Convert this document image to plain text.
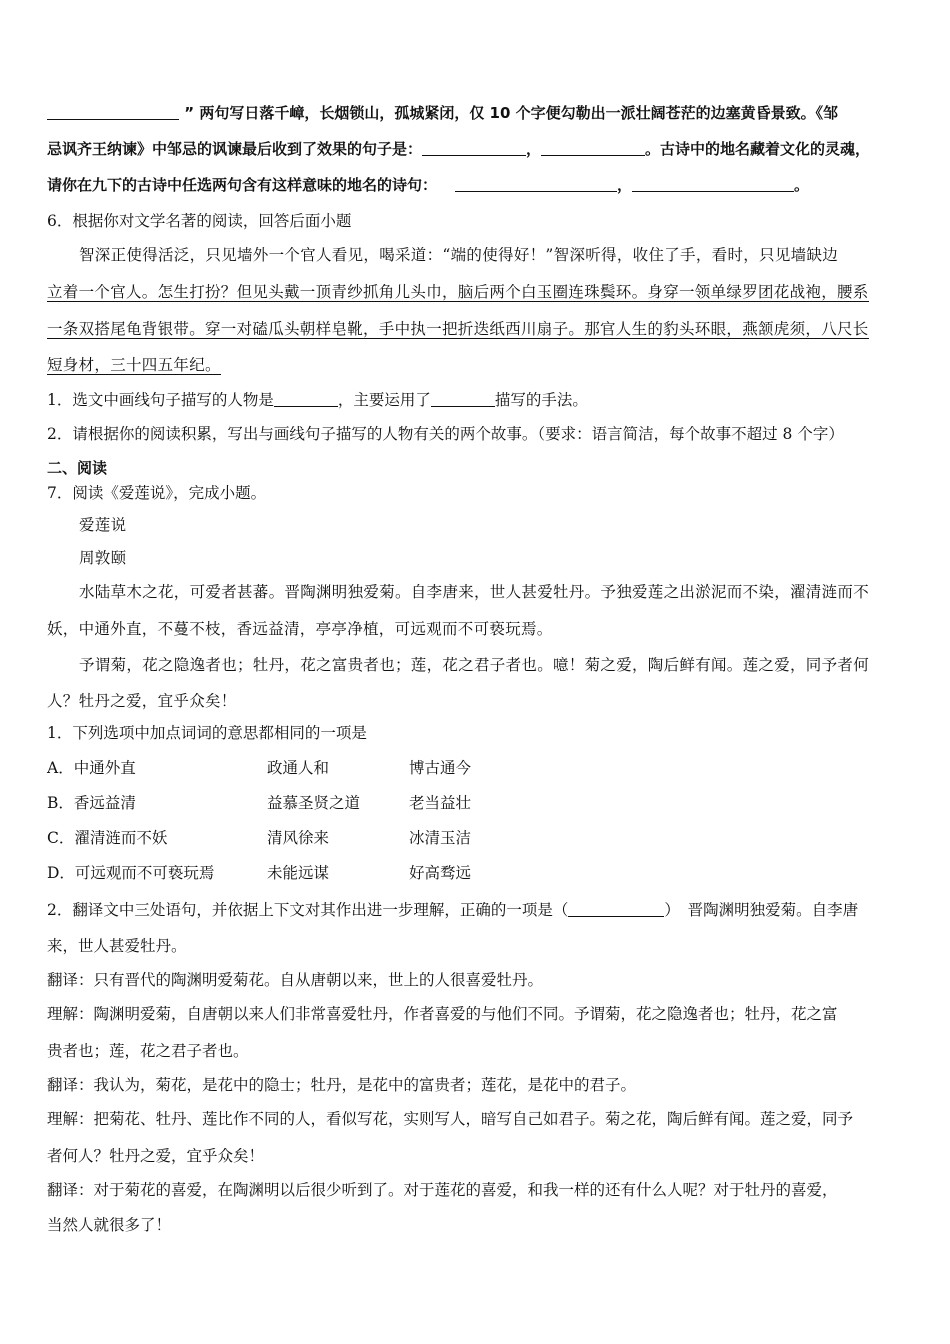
” 两句写日落千嶂，长烟锁山，孤城紧闭，仅 10 个字便勾勒出一派壮阔苍茫的边塞黄昏景致。《邹
忌讽齐王纳谏》中邹忌的讽谏最后收到了效果的句子是：	，	。古诗中的地名藏着文化的灵魂，
请你在九下的古诗中任选两句含有这样意味的地名的诗句：	，	。
6．根据你对文学名著的阅读，回答后面小题
智深正使得活泛，只见墙外一个官人看见，喝采道：“端的使得好！”智深听得，收住了手，看时，只见墙缺边
立着一个官人。怎生打扮？但见头戴一顶青纱抓角儿头巾，脑后两个白玉圈连珠鬓环。身穿一领单绿罗团花战袍，腰系
一条双搭尾龟背银带。穿一对磕瓜头朝样皂靴，手中执一把折迭纸西川扇子。那官人生的豹头环眼，燕颔虎须，八尺长
短身材，三十四五年纪。
1．选文中画线句子描写的人物是	，主要运用了	描写的手法。
2．请根据你的阅读积累，写出与画线句子描写的人物有关的两个故事。（要求：语言简洁，每个故事不超过 8 个字）
二、阅读
7．阅读《爱莲说》，完成小题。
爱莲说
周敦颐
水陆草木之花，可爱者甚蕃。晋陶渊明独爱菊。自李唐来，世人甚爱牡丹。予独爱莲之出淤泥而不染，濯清涟而不
妖，中通外直，不蔓不枝，香远益清，亭亭净植，可远观而不可亵玩焉。
予谓菊，花之隐逸者也；牡丹，花之富贵者也；莲，花之君子者也。噫！菊之爱，陶后鲜有闻。莲之爱，同予者何
人？牡丹之爱，宜乎众矣！
1．下列选项中加点词词的意思都相同的一项是
A．中通外直	政通人和	博古通今
B．香远益清	益慕圣贤之道	老当益壮
C．濯清涟而不妖	清风徐来	冰清玉洁
D．可远观而不可亵玩焉	未能远谋	好高骛远
2．翻译文中三处语句，并依据上下文对其作出进一步理解，正确的一项是（	）　晋陶渊明独爱菊。自李唐
来，世人甚爱牡丹。
翻译：只有晋代的陶渊明爱菊花。自从唐朝以来，世上的人很喜爱牡丹。
理解：陶渊明爱菊，自唐朝以来人们非常喜爱牡丹，作者喜爱的与他们不同。予谓菊，花之隐逸者也；牡丹，花之富
贵者也；莲，花之君子者也。
翻译：我认为，菊花，是花中的隐士；牡丹，是花中的富贵者；莲花，是花中的君子。
理解：把菊花、牡丹、莲比作不同的人，看似写花，实则写人，暗写自己如君子。菊之花，陶后鲜有闻。莲之爱，同予
者何人？牡丹之爱，宜乎众矣！
翻译：对于菊花的喜爱，在陶渊明以后很少听到了。对于莲花的喜爱，和我一样的还有什么人呢？对于牡丹的喜爱，
当然人就很多了！
